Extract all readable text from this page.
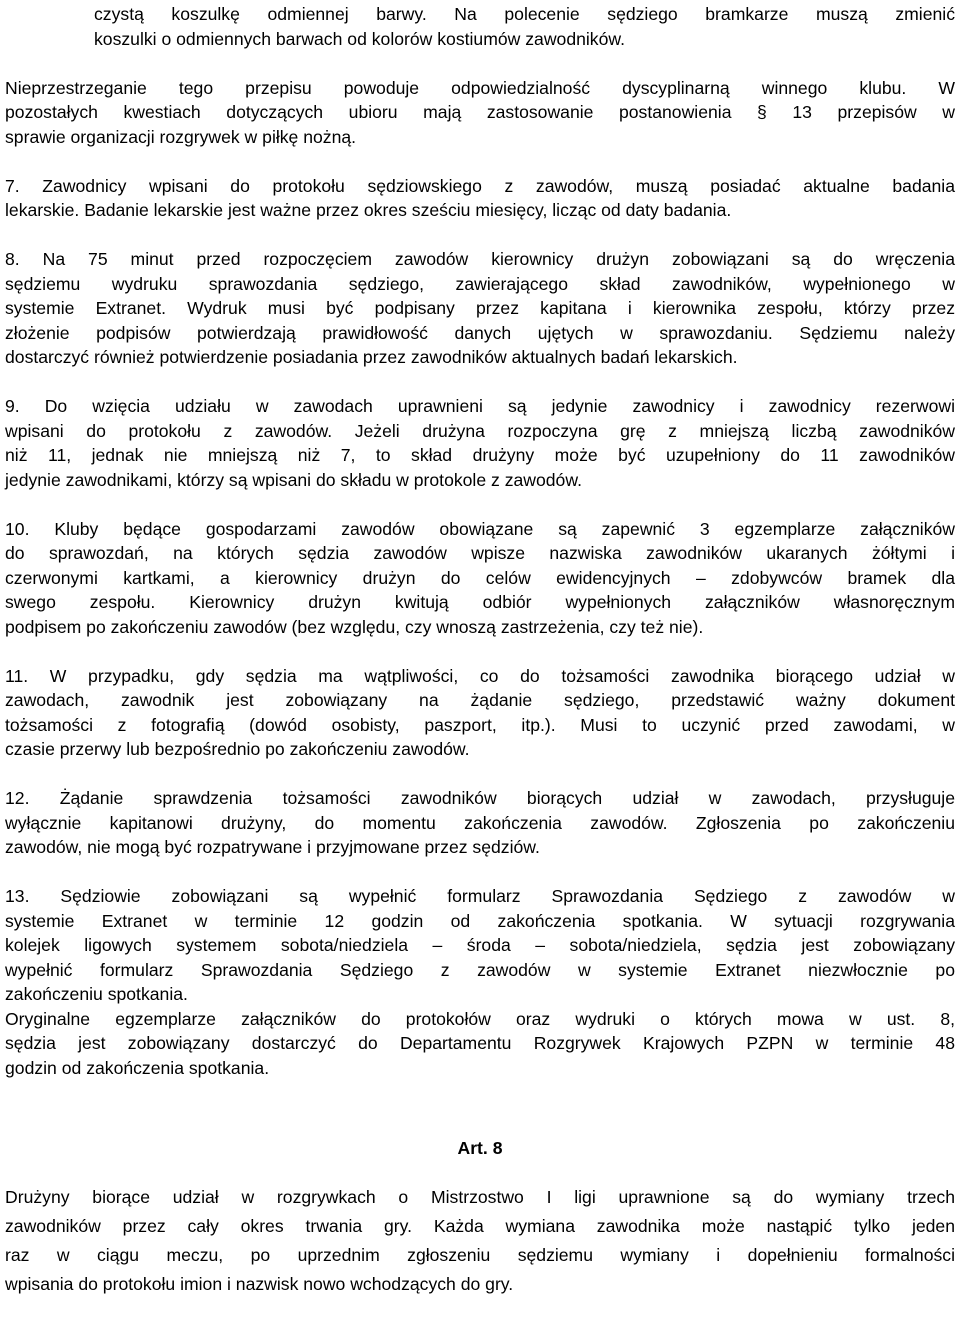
czystą koszulkę odmiennej barwy. Na polecenie sędziego bramkarze muszą zmienić
koszulki o odmiennych barwach od kolorów kostiumów zawodników.
Nieprzestrzeganie tego przepisu powoduje odpowiedzialność dyscyplinarną winnego klubu. W
pozostałych kwestiach dotyczących ubioru mają zastosowanie postanowienia § 13 przepisów w
sprawie organizacji rozgrywek w piłkę nożną.
7. Zawodnicy wpisani do protokołu sędziowskiego z zawodów, muszą posiadać aktualne badania
lekarskie. Badanie lekarskie jest ważne przez okres sześciu miesięcy, licząc od daty badania.
8. Na 75 minut przed rozpoczęciem zawodów kierownicy drużyn zobowiązani są do wręczenia
sędziemu wydruku sprawozdania sędziego, zawierającego skład zawodników, wypełnionego w
systemie Extranet. Wydruk musi być podpisany przez kapitana i kierownika zespołu, którzy przez
złożenie podpisów potwierdzają prawidłowość danych ujętych w sprawozdaniu. Sędziemu należy
dostarczyć również potwierdzenie posiadania przez zawodników aktualnych badań lekarskich.
9. Do wzięcia udziału w zawodach uprawnieni są jedynie zawodnicy i zawodnicy rezerwowi
wpisani do protokołu z zawodów. Jeżeli drużyna rozpoczyna grę z mniejszą liczbą zawodników
niż 11, jednak nie mniejszą niż 7, to skład drużyny może być uzupełniony do 11 zawodników
jedynie zawodnikami, którzy są wpisani do składu w protokole z zawodów.
10. Kluby będące gospodarzami zawodów obowiązane są zapewnić 3 egzemplarze załączników
do sprawozdań, na których sędzia zawodów wpisze nazwiska zawodników ukaranych żółtymi i
czerwonymi kartkami, a kierownicy drużyn do celów ewidencyjnych – zdobywców bramek dla
swego zespołu. Kierownicy drużyn kwitują odbiór wypełnionych załączników własnoręcznym
podpisem po zakończeniu zawodów (bez względu, czy wnoszą zastrzeżenia, czy też nie).
11. W przypadku, gdy sędzia ma wątpliwości, co do tożsamości zawodnika biorącego udział w
zawodach, zawodnik jest zobowiązany na żądanie sędziego, przedstawić ważny dokument
tożsamości z fotografią (dowód osobisty, paszport, itp.). Musi to uczynić przed zawodami, w
czasie przerwy lub bezpośrednio po zakończeniu zawodów.
12. Żądanie sprawdzenia tożsamości zawodników biorących udział w zawodach, przysługuje
wyłącznie kapitanowi drużyny, do momentu zakończenia zawodów. Zgłoszenia po zakończeniu
zawodów, nie mogą być rozpatrywane i przyjmowane przez sędziów.
13. Sędziowie zobowiązani są wypełnić formularz Sprawozdania Sędziego z zawodów w
systemie Extranet w terminie 12 godzin od zakończenia spotkania. W sytuacji rozgrywania
kolejek ligowych systemem sobota/niedziela – środa – sobota/niedziela, sędzia jest zobowiązany
wypełnić formularz Sprawozdania Sędziego z zawodów w systemie Extranet niezwłocznie po
zakończeniu spotkania.
Oryginalne egzemplarze załączników do protokołów oraz wydruki o których mowa w ust. 8,
sędzia jest zobowiązany dostarczyć do Departamentu Rozgrywek Krajowych PZPN w terminie 48
godzin od zakończenia spotkania.
Art. 8
Drużyny biorące udział w rozgrywkach o Mistrzostwo I ligi uprawnione są do wymiany trzech
zawodników przez cały okres trwania gry. Każda wymiana zawodnika może nastąpić tylko jeden
raz w ciągu meczu, po uprzednim zgłoszeniu sędziemu wymiany i dopełnieniu formalności
wpisania do protokołu imion i nazwisk nowo wchodzących do gry.
